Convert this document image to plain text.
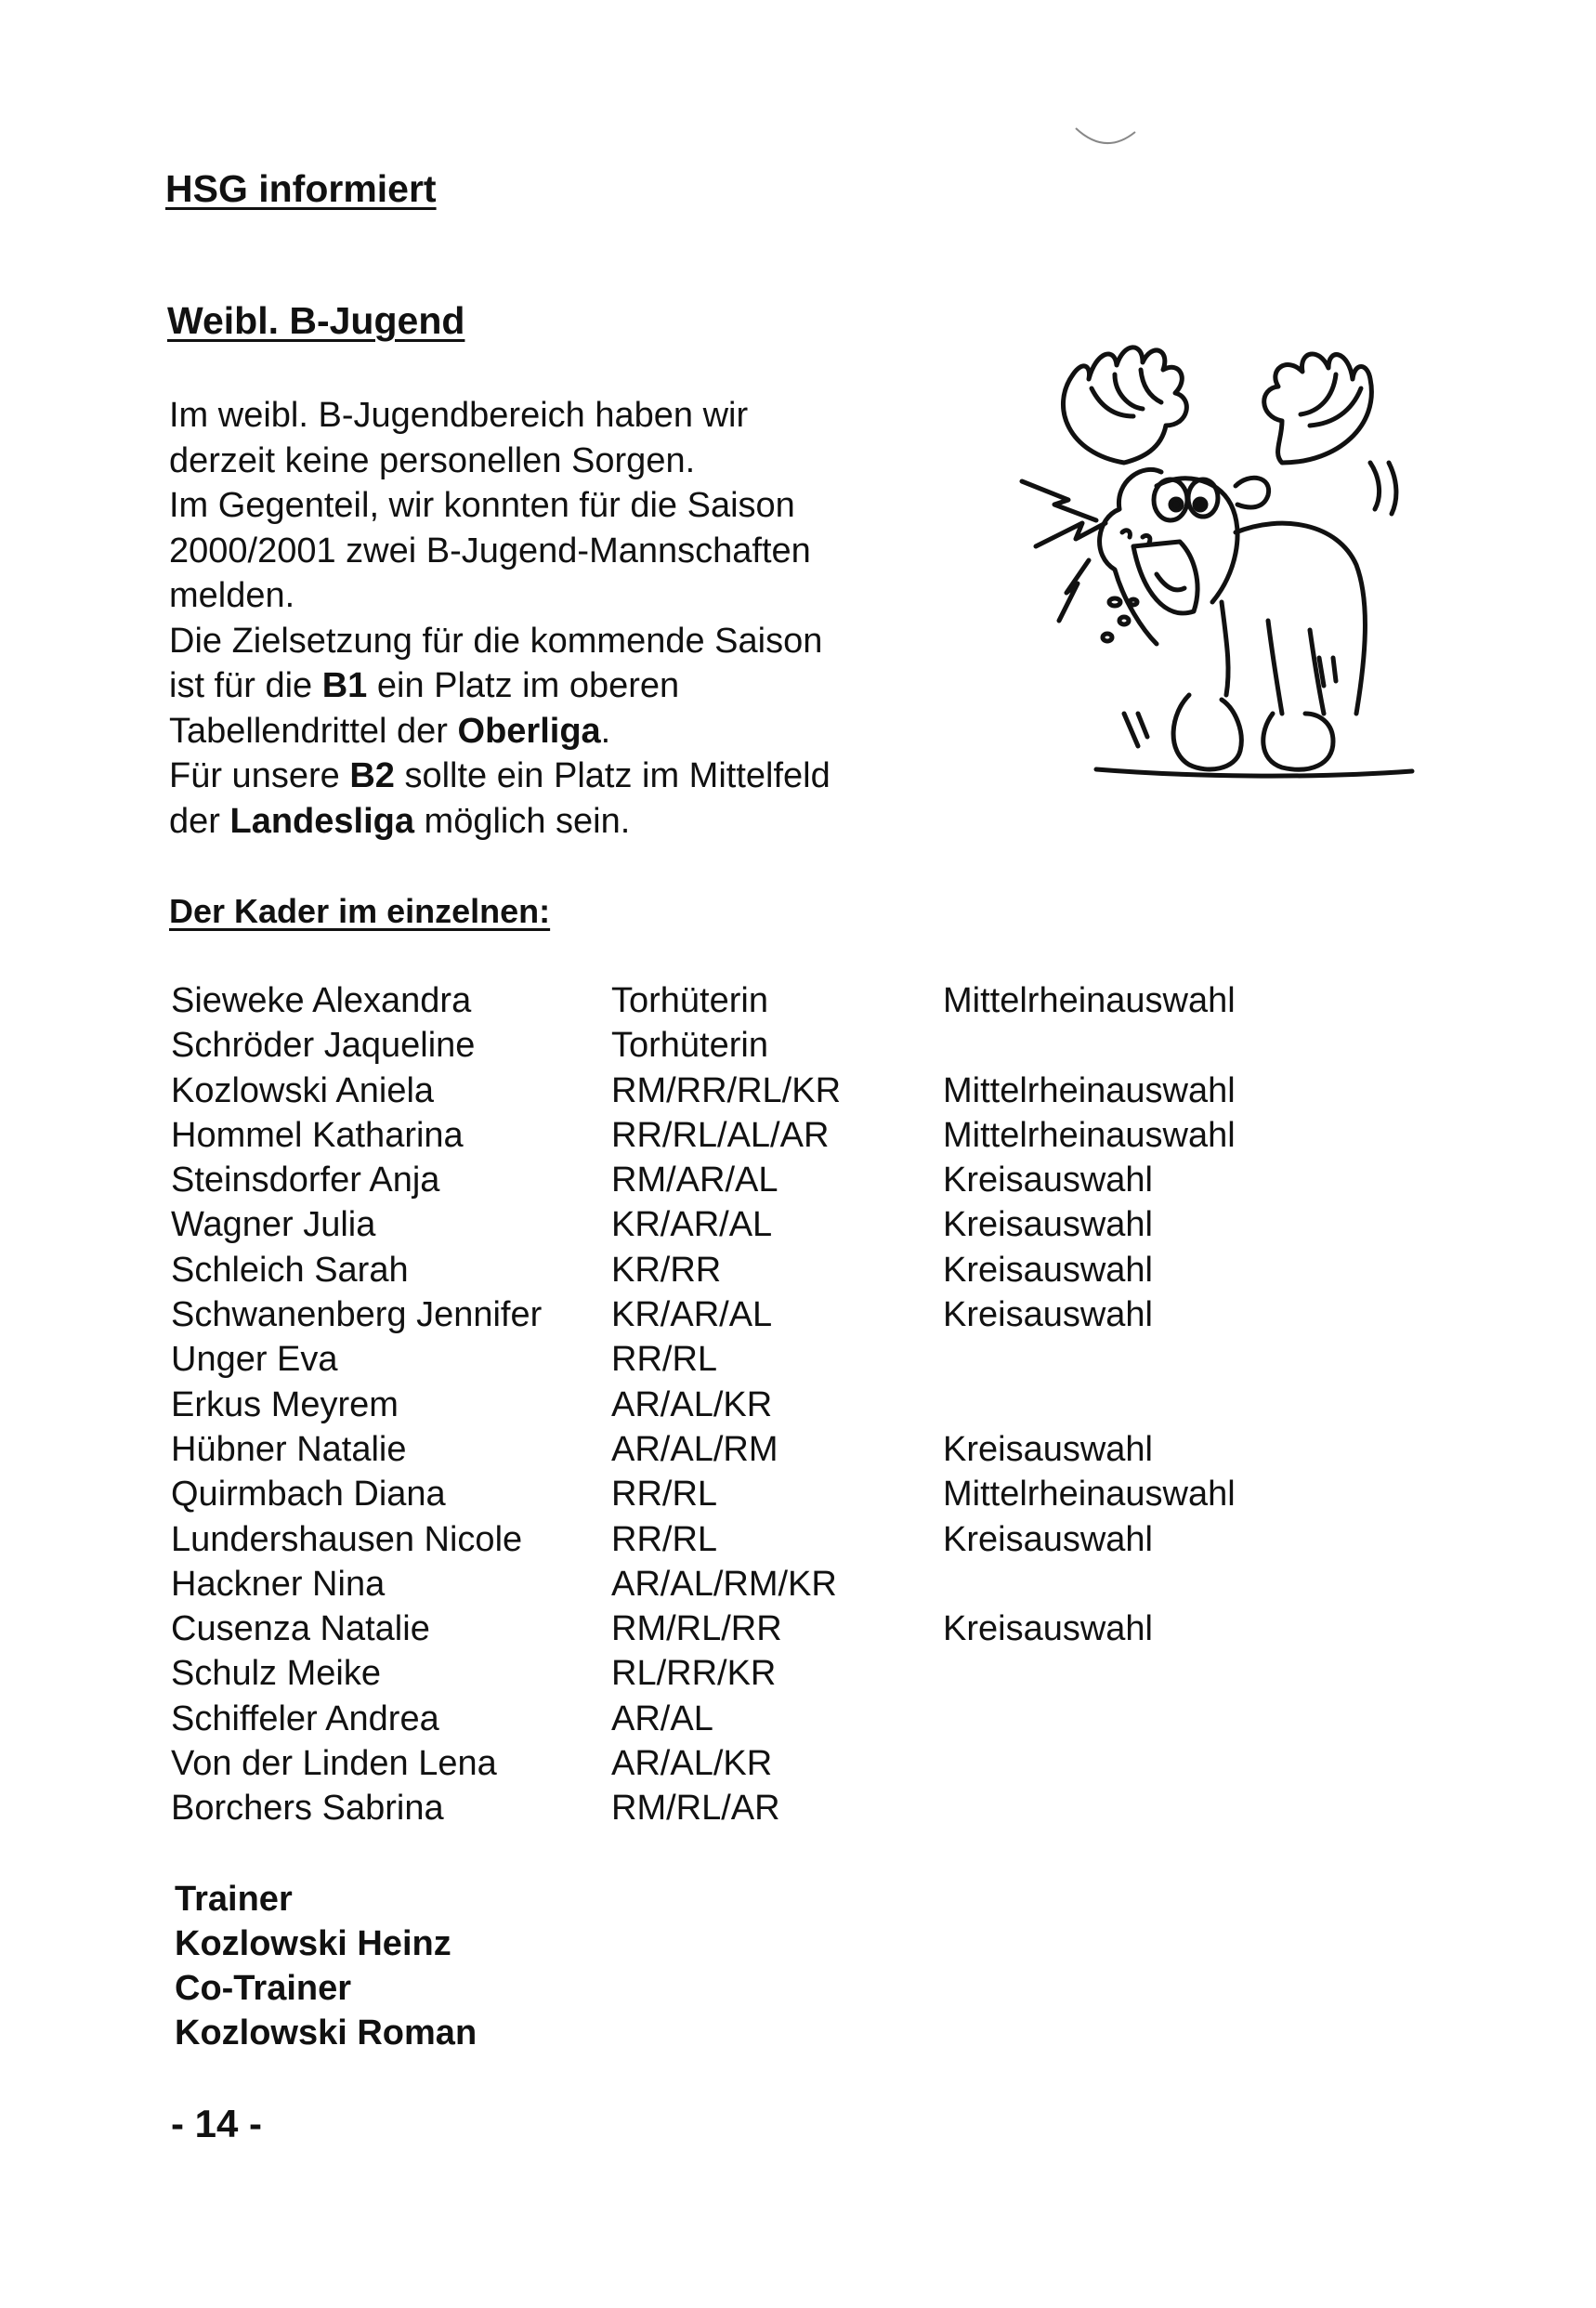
HSG informiert
Weibl. B-Jugend

Im weibl. B-Jugendbereich haben wir

derzeit keine personellen Sorgen.

Im Gegenteil, wir konnten für die Saison

2000/2001 zwei B-Jugend-Mannschaften

melden.

Die Zielsetzung für die kommende Saison

ist für die B1 ein Platz im oberen

Tabellendrittel der Oberliga.

Für unsere B2 sollte ein Platz im Mittelfeld

der Landesliga möglich sein.

Der Kader im einzelnen:
Sieweke Alexandra	Torhüterin	Mittelrheinauswahl
Schröder Jaqueline	Torhüterin
Kozlowski Aniela	RM/RR/RL/KR	Mittelrheinauswahl
Hommel Katharina	RR/RL/AL/AR	Mittelrheinauswahl
Steinsdorfer Anja	RM/AR/AL	Kreisauswahl
Wagner Julia	KR/AR/AL	Kreisauswahl
Schleich Sarah	KR/RR	Kreisauswahl
Schwanenberg Jennifer	KR/AR/AL	Kreisauswahl
Unger Eva	RR/RL
Erkus Meyrem	AR/AL/KR
Hübner Natalie	AR/AL/RM	Kreisauswahl
Quirmbach Diana	RR/RL	Mittelrheinauswahl
Lundershausen Nicole	RR/RL	Kreisauswahl
Hackner Nina	AR/AL/RM/KR
Cusenza Natalie	RM/RL/RR	Kreisauswahl
Schulz Meike	RL/RR/KR
Schiffeler Andrea	AR/AL
Von der Linden Lena	AR/AL/KR
Borchers Sabrina	RM/RL/AR
Trainer
Kozlowski Heinz
Co-Trainer
Kozlowski Roman
- 14 -
